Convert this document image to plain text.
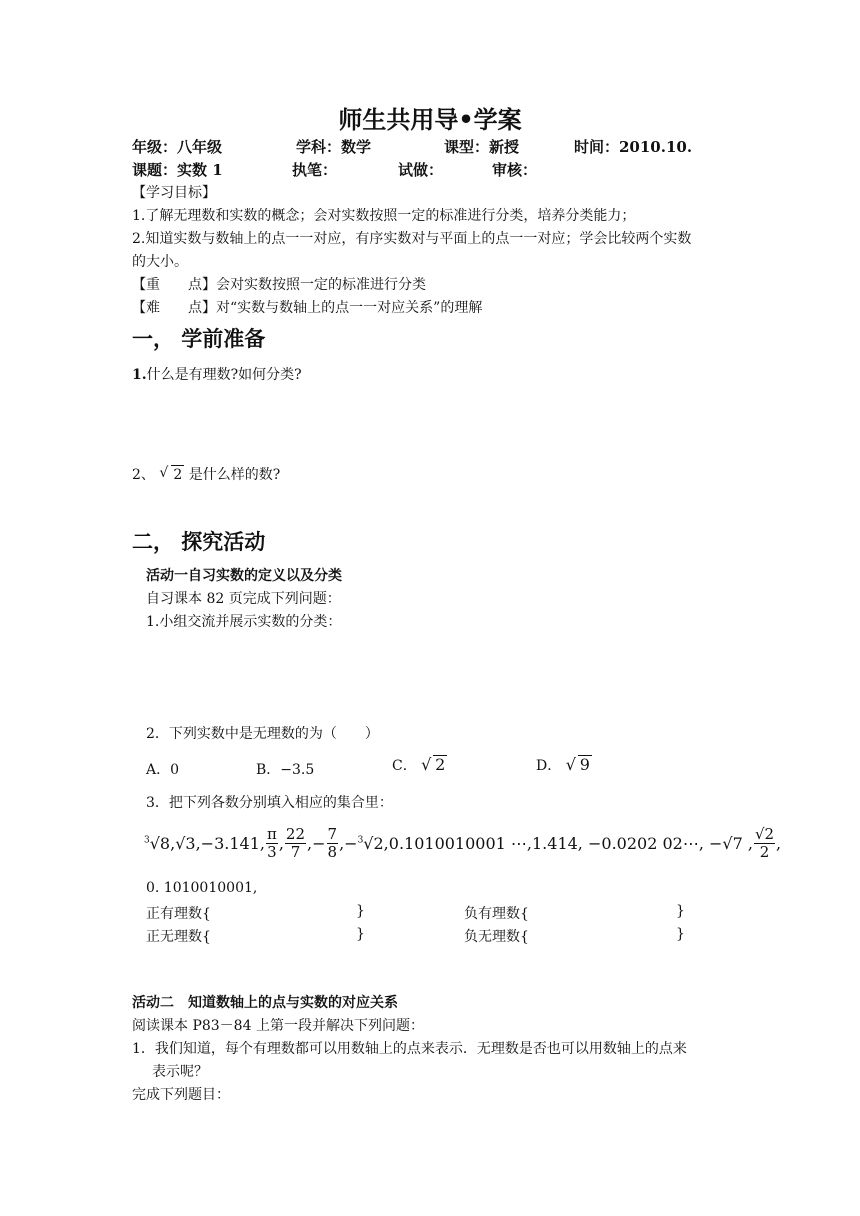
师生共用导•学案
年级：八年级	学科：数学	课型：新授	时间：2010.10.
课题：实数 1	执笔：	试做：	审核：
【学习目标】
1.了解无理数和实数的概念；会对实数按照一定的标准进行分类，培养分类能力；
2.知道实数与数轴上的点一一对应，有序实数对与平面上的点一一对应；学会比较两个实数
的大小。
【重　　点】会对实数按照一定的标准进行分类
【难　　点】对“实数与数轴上的点一一对应关系”的理解
一， 学前准备
1.什么是有理数?如何分类?
2、 √ 2 是什么样的数?
二， 探究活动
活动一自习实数的定义以及分类
自习课本 82 页完成下列问题：
1.小组交流并展示实数的分类：
2．下列实数中是无理数的为（　　）
A．0	B．−3.5	C． √ 2	D． √ 9
3．把下列各数分别填入相应的集合里：
$^3$√8, √3, −3.141, $\frac{\pi}{3}$ , $\frac{22}{7}$ ,− $\frac{7}{8}$ ,− $^3$√2, 0.1010010001 ⋯,1.414, −0.0202 02⋯, − √7 , $\frac{√2}{2}$ ,
0. 1010010001,
正有理数{	}	负有理数{	}
正无理数{	}	负无理数{	}
活动二　知道数轴上的点与实数的对应关系
阅读课本 P83－84 上第一段并解决下列问题：
1．我们知道，每个有理数都可以用数轴上的点来表示．无理数是否也可以用数轴上的点来
表示呢？
完成下列题目：
